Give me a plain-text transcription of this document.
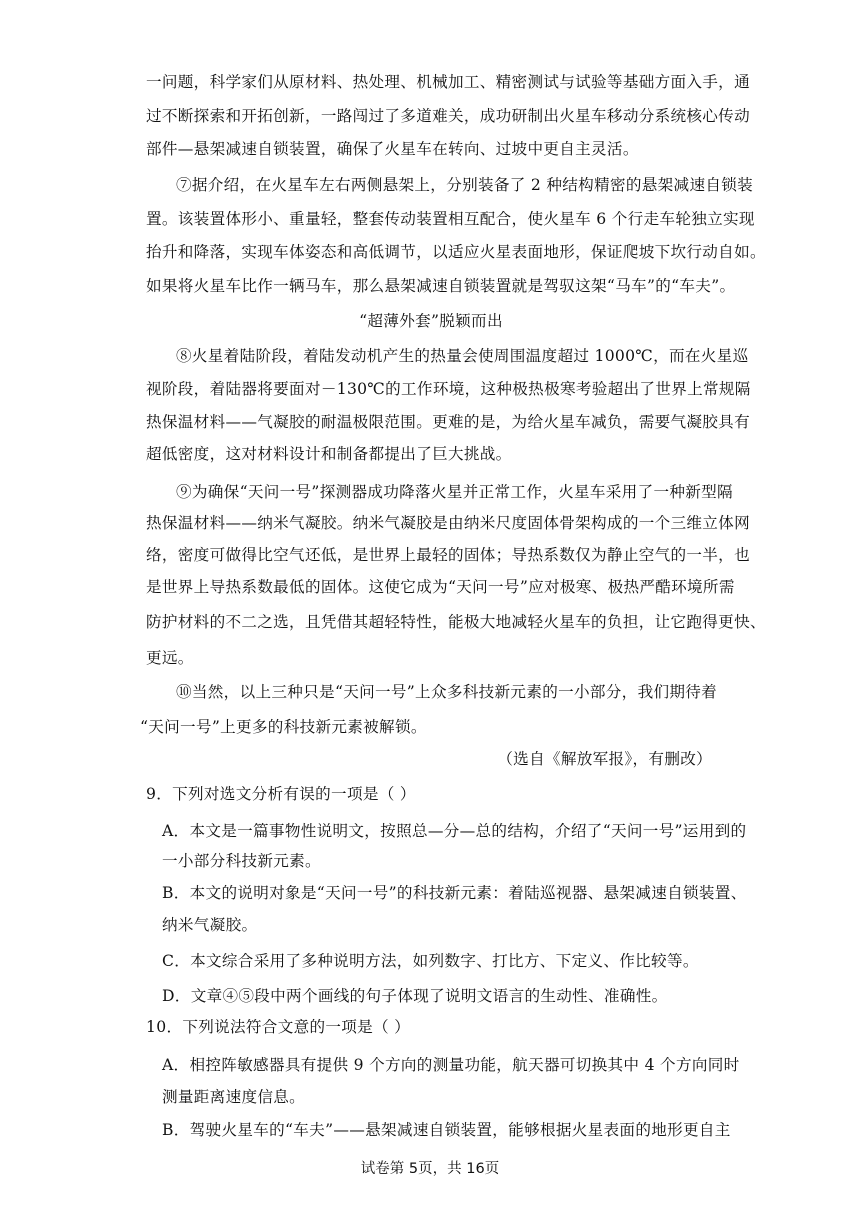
一问题，科学家们从原材料、热处理、机械加工、精密测试与试验等基础方面入手，通
过不断探索和开拓创新，一路闯过了多道难关，成功研制出火星车移动分系统核心传动
部件—悬架减速自锁装置，确保了火星车在转向、过坡中更自主灵活。
⑦据介绍，在火星车左右两侧悬架上，分别装备了 2 种结构精密的悬架减速自锁装
置。该装置体形小、重量轻，整套传动装置相互配合，使火星车 6 个行走车轮独立实现
抬升和降落，实现车体姿态和高低调节，以适应火星表面地形，保证爬坡下坎行动自如。
如果将火星车比作一辆马车，那么悬架减速自锁装置就是驾驭这架“马车”的“车夫”。
“超薄外套”脱颖而出
⑧火星着陆阶段，着陆发动机产生的热量会使周围温度超过 1000℃，而在火星巡
视阶段，着陆器将要面对－130℃的工作环境，这种极热极寒考验超出了世界上常规隔
热保温材料——气凝胶的耐温极限范围。更难的是，为给火星车减负，需要气凝胶具有
超低密度，这对材料设计和制备都提出了巨大挑战。
⑨为确保“天问一号”探测器成功降落火星并正常工作，火星车采用了一种新型隔
热保温材料——纳米气凝胶。纳米气凝胶是由纳米尺度固体骨架构成的一个三维立体网
络，密度可做得比空气还低，是世界上最轻的固体；导热系数仅为静止空气的一半，也
是世界上导热系数最低的固体。这使它成为“天问一号”应对极寒、极热严酷环境所需
防护材料的不二之选，且凭借其超轻特性，能极大地减轻火星车的负担，让它跑得更快、
更远。
⑩当然，以上三种只是“天问一号”上众多科技新元素的一小部分，我们期待着
“天问一号”上更多的科技新元素被解锁。
（选自《解放军报》，有删改）
9．下列对选文分析有误的一项是（ ）
A．本文是一篇事物性说明文，按照总—分—总的结构，介绍了“天问一号”运用到的
一小部分科技新元素。
B．本文的说明对象是“天问一号”的科技新元素：着陆巡视器、悬架减速自锁装置、
纳米气凝胶。
C．本文综合采用了多种说明方法，如列数字、打比方、下定义、作比较等。
D．文章④⑤段中两个画线的句子体现了说明文语言的生动性、准确性。
10．下列说法符合文意的一项是（ ）
试卷第 5页，共 16页
A．相控阵敏感器具有提供 9 个方向的测量功能，航天器可切换其中 4 个方向同时
测量距离速度信息。
B．驾驶火星车的“车夫”——悬架减速自锁装置，能够根据火星表面的地形更自主
